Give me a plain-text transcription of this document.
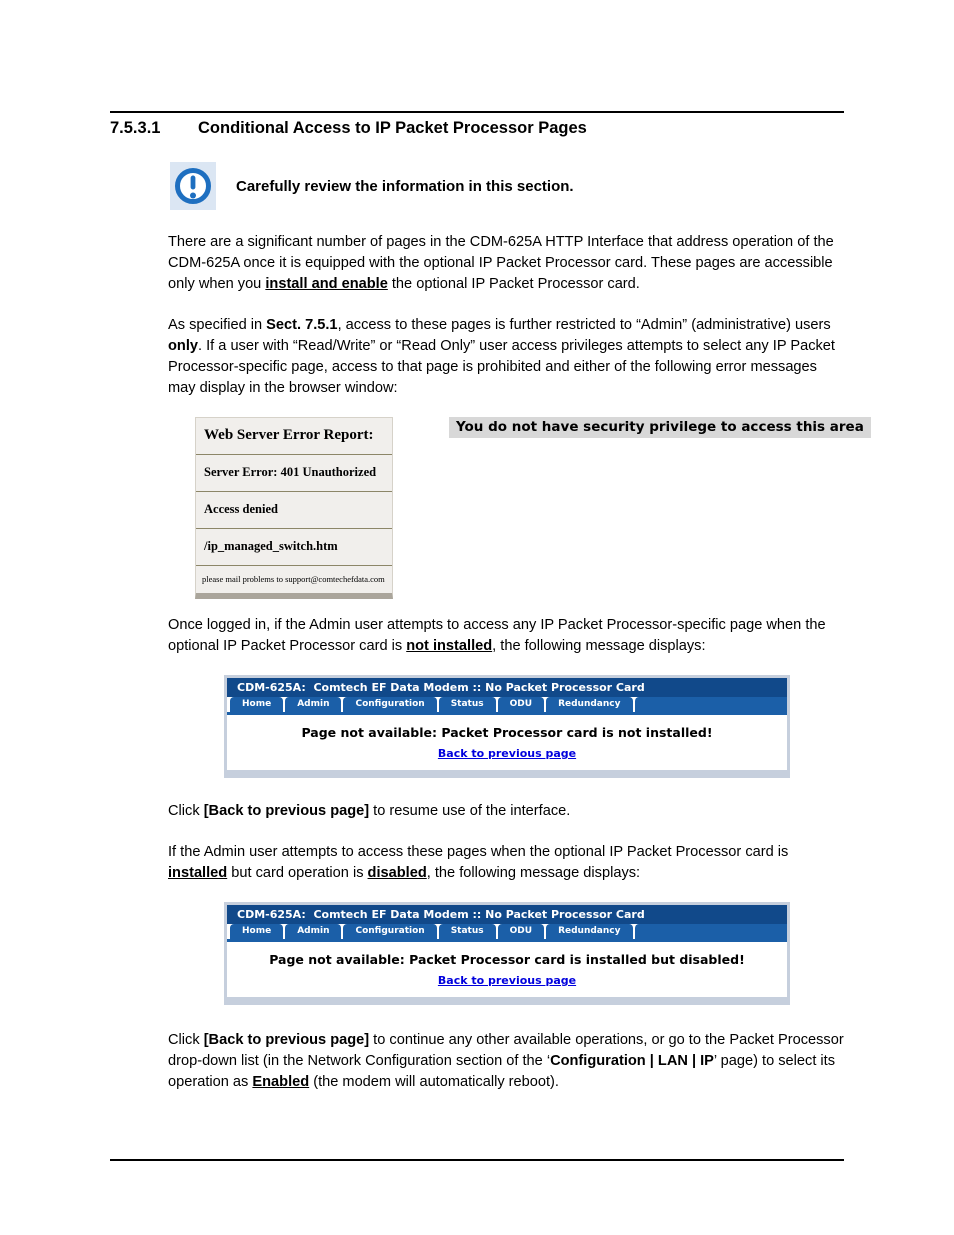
7.5.3.1	Conditional Access to IP Packet Processor Pages
Carefully review the information in this section.

There are a significant number of pages in the CDM-625A HTTP Interface that address operation of the CDM-625A once it is equipped with the optional IP Packet Processor card. These pages are accessible only when you install and enable the optional IP Packet Processor card.

As specified in Sect. 7.5.1, access to these pages is further restricted to “Admin” (administrative) users only. If a user with “Read/Write” or “Read Only” user access privileges attempts to select any IP Packet Processor-specific page, access to that page is prohibited and either of the following error messages may display in the browser window:

Web Server Error Report:
Server Error: 401 Unauthorized
Access denied
/ip_managed_switch.htm
please mail problems to support@comtechefdata.com
You do not have security privilege to access this area

Once logged in, if the Admin user attempts to access any IP Packet Processor-specific page when the optional IP Packet Processor card is not installed, the following message displays:

CDM-625A:  Comtech EF Data Modem :: No Packet Processor Card
Home	Admin	Configuration	Status	ODU	Redundancy
Page not available: Packet Processor card is not installed!
Back to previous page

Click [Back to previous page] to resume use of the interface.

If the Admin user attempts to access these pages when the optional IP Packet Processor card is installed but card operation is disabled, the following message displays:

CDM-625A:  Comtech EF Data Modem :: No Packet Processor Card
Home	Admin	Configuration	Status	ODU	Redundancy
Page not available: Packet Processor card is installed but disabled!
Back to previous page

Click [Back to previous page] to continue any other available operations, or go to the Packet Processor drop-down list (in the Network Configuration section of the ‘Configuration | LAN | IP’ page) to select its operation as Enabled (the modem will automatically reboot).
